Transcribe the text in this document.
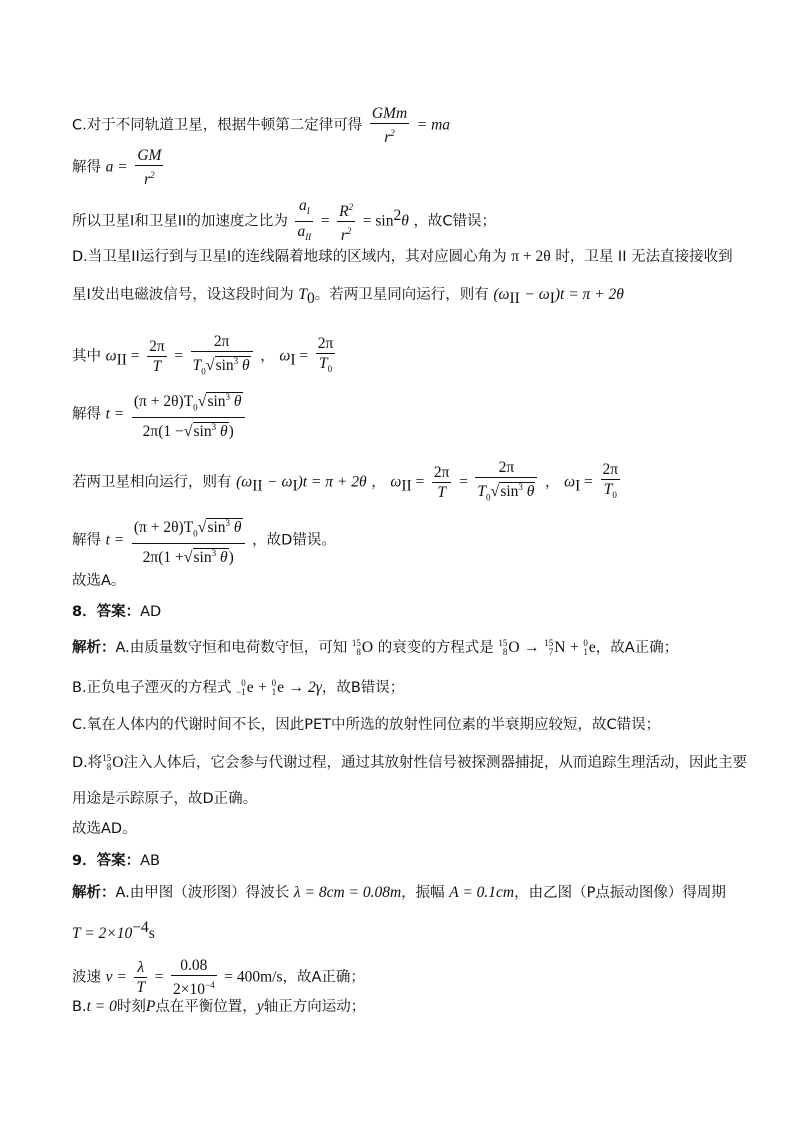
C.对于不同轨道卫星，根据牛顿第二定律可得 $\frac{\text{GMm}}{r^2}$ = ma
解得 $a = \frac{GM}{r^2}$
所以卫星I和卫星II的加速度之比为 $\frac{a_I}{a_{II}} = \frac{R^2}{r^2} = \sin^2\theta$ ，故C错误；
D.当卫星II运行到与卫星I的连线隔着地球的区域内，其对应圆心角为 π + 2θ 时，卫星 II 无法直接接收到
星I发出电磁波信号，设这段时间为 $T_0$。若两卫星同向运行，则有 $(\omega_{II} - \omega_I)t = \pi + 2\theta$
其中 $\omega_{II} = \frac{2\pi}{T} = \frac{2\pi}{T_0√\sin^3 \theta}$ ， $\omega_I = \frac{2\pi}{T_0}$
解得 $t = \frac{(\pi + 2\theta)T_0√\sin^3 \theta}{2\pi(1 -√\sin^3 \theta)}$
若两卫星相向运行，则有 $(\omega_{II} - \omega_I)t = \pi + 2\theta$ ， $\omega_{II} = \frac{2\pi}{T} = \frac{2\pi}{T_0√\sin^3 \theta}$ ， $\omega_I = \frac{2\pi}{T_0}$
解得 $t = \frac{(\pi + 2\theta)T_0√\sin^3 \theta}{2\pi(1 +√\sin^3 \theta)}$ ，故D错误。
故选A。
8．答案：AD
解析：A.由质量数守恒和电荷数守恒，可知 15
8 O 的衰变的方程式是 15
8 O → 15
7 N + 0
1 e，故A正确；
B.正负电子湮灭的方程式	0
−1 e + 0
1 e → 2γ，故B错误；
C.氧在人体内的代谢时间不长，因此PET中所选的放射性同位素的半衰期应较短，故C错误；
D.将 15
8 O注入人体后，它会参与代谢过程，通过其放射性信号被探测器捕捉，从而追踪生理活动，因此主要
用途是示踪原子，故D正确。
故选AD。
9．答案：AB
解析：A.由甲图（波形图）得波长 λ = 8cm = 0.08m，振幅 A = 0.1cm，由乙图（P点振动图像）得周期
$T = 2\times 10^{-4}s$
波速 $v = \frac{\lambda}{T} = \frac{0.08}{2\times 10^{-4}} = 400m/s$，故A正确；
B.t = 0时刻P点在平衡位置，y轴正方向运动；
